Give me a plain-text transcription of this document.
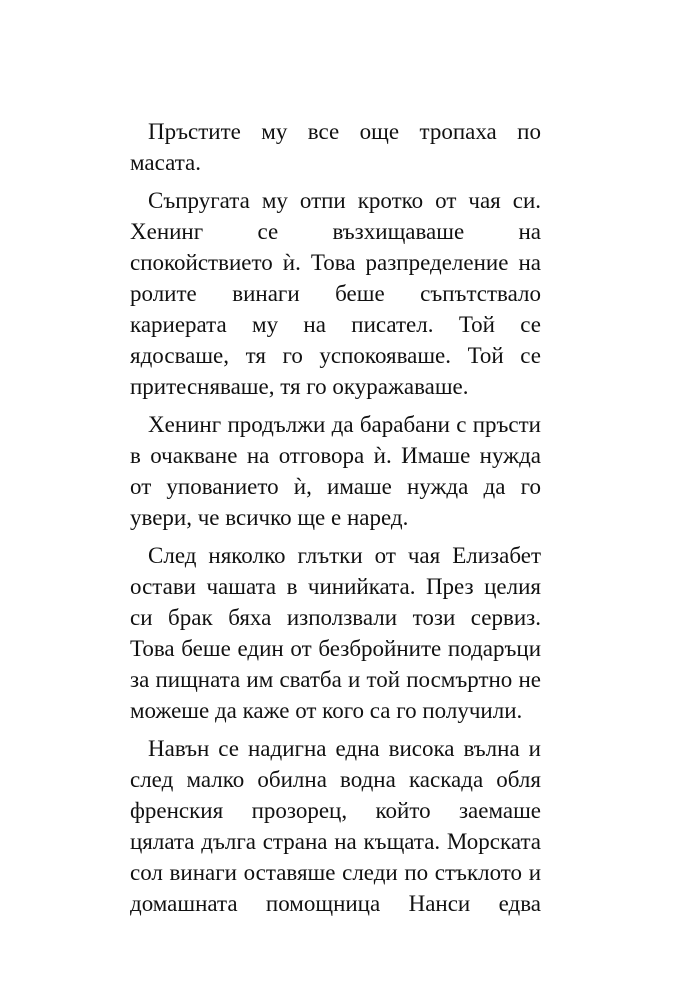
Пръстите му все още тропаха по
масата.
Съпругата му отпи кротко от чая си.
Хенинг се възхищаваше на
спокойствието ѝ. Това разпределение на
ролите винаги беше съпътствало
кариерата му на писател. Той се
ядосваше, тя го успокояваше. Той се
притесняваше, тя го окуражаваше.
Хенинг продължи да барабани с пръсти
в очакване на отговора ѝ. Имаше нужда
от упованието ѝ, имаше нужда да го
увери, че всичко ще е наред.
След няколко глътки от чая Елизабет
остави чашата в чинийката. През целия
си брак бяха използвали този сервиз.
Това беше един от безбройните подаръци
за пищната им сватба и той посмъртно не
можеше да каже от кого са го получили.
Навън се надигна една висока вълна и
след малко обилна водна каскада обля
френския прозорец, който заемаше
цялата дълга страна на къщата. Морската
сол винаги оставяше следи по стъклото и
домашната помощница Нанси едва
